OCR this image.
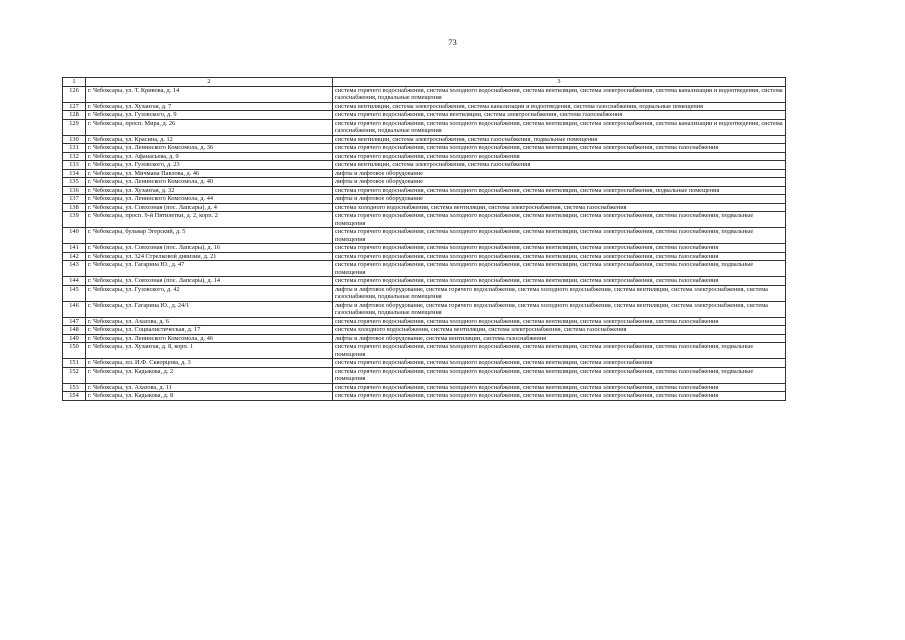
73
1	2	3
126	г. Чебоксары, ул. Т. Кривова, д. 14	система горячего водоснабжения, система холодного водоснабжения, система вентиляции, система электроснабжения, система канализации и водоотведения, система газоснабжения, подвальные помещения
127	г. Чебоксары, ул. Хузангая, д. 7	система вентиляции, система электроснабжения, система канализации и водоотведения, система газоснабжения, подвальные помещения
128	г. Чебоксары, ул. Гузовского, д. 9	система горячего водоснабжения, система вентиляции, система электроснабжения, система газоснабжения
129	г. Чебоксары, просп. Мира, д. 26	система горячего водоснабжения, система холодного водоснабжения, система вентиляции, система электроснабжения, система канализации и водоотведения, система газоснабжения, подвальные помещения
130	г. Чебоксары, ул. Красина, д. 12	система вентиляции, система электроснабжения, система газоснабжения, подвальные помещения
131	г. Чебоксары, ул. Ленинского Комсомола, д. 36	система горячего водоснабжения, система холодного водоснабжения, система вентиляции, система электроснабжения, система газоснабжения
132	г. Чебоксары, ул. Афанасьева, д. 9	система горячего водоснабжения, система холодного водоснабжения
133	г. Чебоксары, ул. Гузовского, д. 23	система вентиляции, система электроснабжения, система газоснабжения
134	г. Чебоксары, ул. Мичмана Павлова, д. 46	лифты и лифтовое оборудование
135	г. Чебоксары, ул. Ленинского Комсомола, д. 40	лифты и лифтовое оборудование
136	г. Чебоксары, ул. Хузангая, д. 32	система горячего водоснабжения, система холодного водоснабжения, система вентиляции, система электроснабжения, подвальные помещения
137	г. Чебоксары, ул. Ленинского Комсомола, д. 44	лифты и лифтовое оборудование
138	г. Чебоксары, ул. Совхозная (пос. Лапсары), д. 4	система холодного водоснабжения, система вентиляции, система электроснабжения, система газоснабжения
139	г. Чебоксары, просп. 9-й Пятилетки, д. 2, корп. 2	система горячего водоснабжения, система холодного водоснабжения, система вентиляции, система электроснабжения, система газоснабжения, подвальные помещения
140	г. Чебоксары, бульвар Эгерский, д. 5	система горячего водоснабжения, система холодного водоснабжения, система вентиляции, система электроснабжения, система газоснабжения, подвальные помещения
141	г. Чебоксары, ул. Совхозная (пос. Лапсары), д. 16	система горячего водоснабжения, система холодного водоснабжения, система вентиляции, система электроснабжения, система газоснабжения
142	г. Чебоксары, ул. 324 Стрелковой дивизии, д. 21	система горячего водоснабжения, система холодного водоснабжения, система вентиляции, система электроснабжения, система газоснабжения
143	г. Чебоксары, ул. Гагарина Ю., д. 47	система горячего водоснабжения, система холодного водоснабжения, система вентиляции, система электроснабжения, система газоснабжения, подвальные помещения
144	г. Чебоксары, ул. Совхозная (пос. Лапсары), д. 14	система горячего водоснабжения, система холодного водоснабжения, система вентиляции, система электроснабжения, система газоснабжения
145	г. Чебоксары, ул. Гузовского, д. 42	лифты и лифтовое оборудование, система горячего водоснабжения, система холодного водоснабжения, система вентиляции, система электроснабжения, система газоснабжения, подвальные помещения
146	г. Чебоксары, ул. Гагарина Ю., д. 24/1	лифты и лифтовое оборудование, система горячего водоснабжения, система холодного водоснабжения, система вентиляции, система электроснабжения, система газоснабжения, подвальные помещения
147	г. Чебоксары, ул. Ахазова, д. 6	система горячего водоснабжения, система холодного водоснабжения, система вентиляции, система электроснабжения, система газоснабжения
148	г. Чебоксары, ул. Социалистическая, д. 17	система холодного водоснабжения, система вентиляции, система электроснабжения, система газоснабжения
149	г. Чебоксары, ул. Ленинского Комсомола, д. 46	лифты и лифтовое оборудование, система вентиляции, система газоснабжения
150	г. Чебоксары, ул. Хузангая, д. 8, корп. 1	система горячего водоснабжения, система холодного водоснабжения, система вентиляции, система электроснабжения, система газоснабжения, подвальные помещения
151	г. Чебоксары, пл. И.Ф. Скворцова, д. 3	система горячего водоснабжения, система холодного водоснабжения, система вентиляции, система электроснабжения
152	г. Чебоксары, ул. Кадыкова, д. 2	система горячего водоснабжения, система холодного водоснабжения, система вентиляции, система электроснабжения, система газоснабжения, подвальные помещения
153	г. Чебоксары, ул. Ахазова, д. 11	система горячего водоснабжения, система холодного водоснабжения, система вентиляции, система электроснабжения, система газоснабжения
154	г. Чебоксары, ул. Кадыкова, д. 8	система горячего водоснабжения, система холодного водоснабжения, система вентиляции, система электроснабжения, система газоснабжения
